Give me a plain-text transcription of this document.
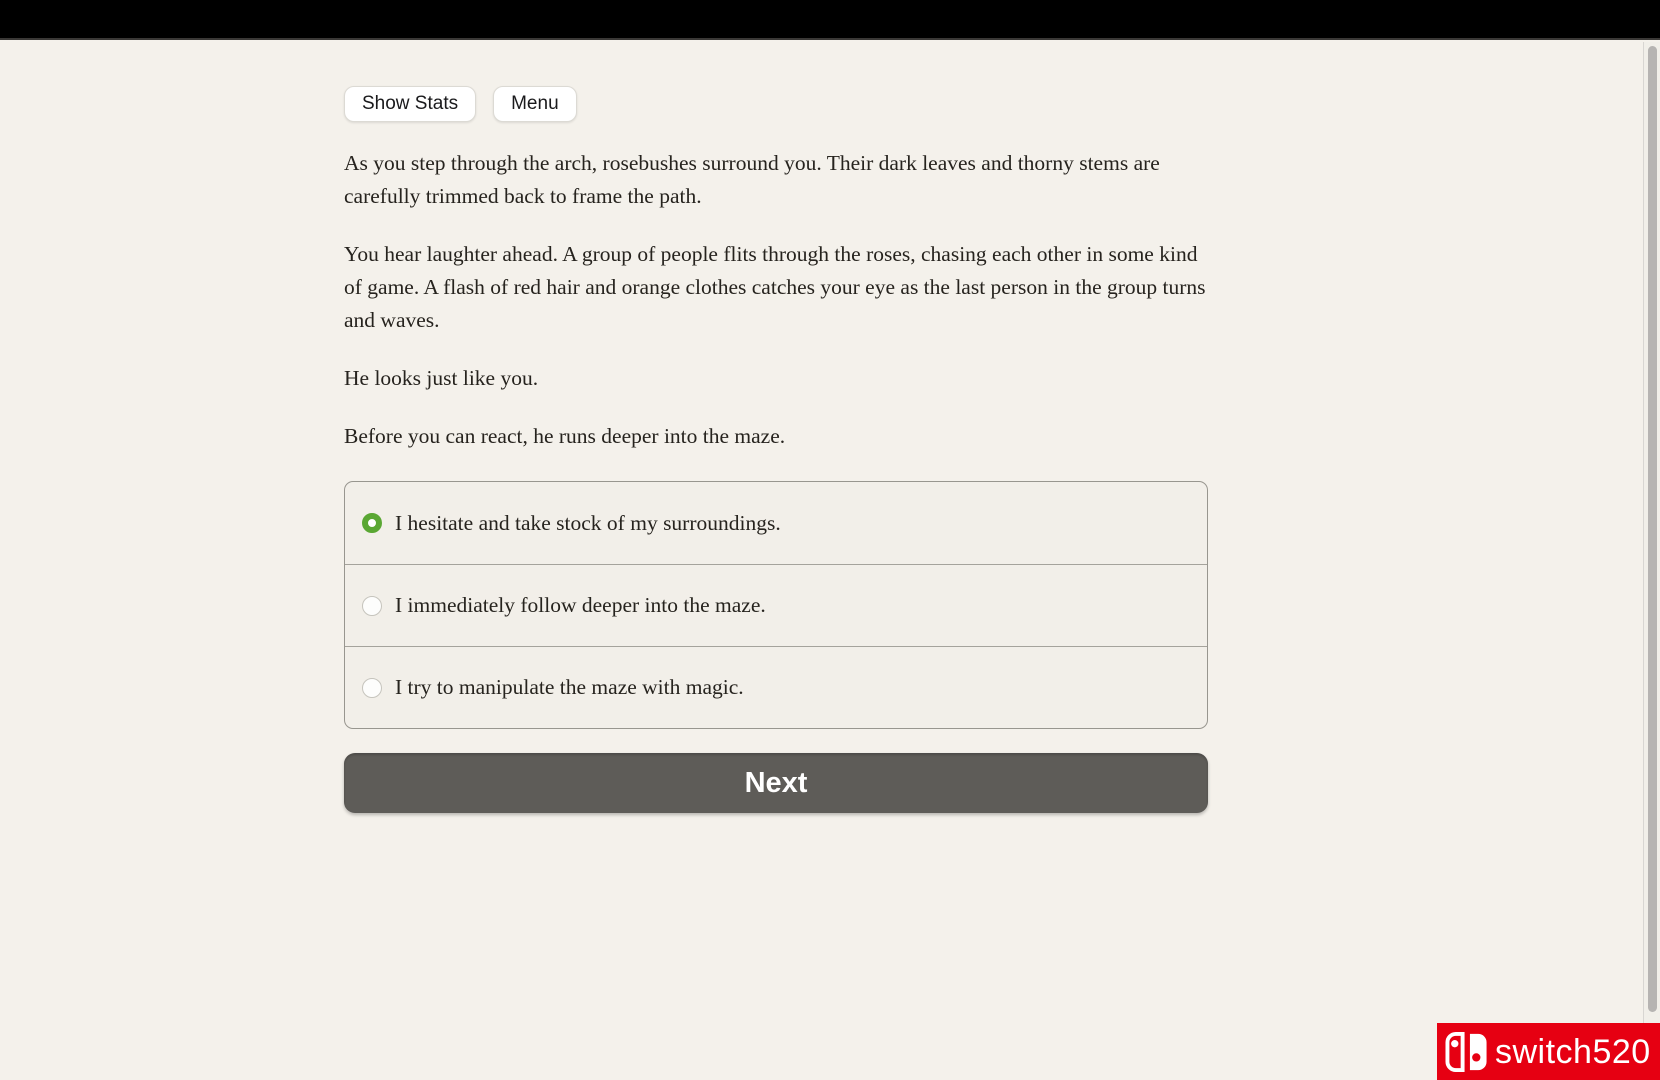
Show Stats	Menu

As you step through the arch, rosebushes surround you. Their dark leaves and thorny stems are carefully trimmed back to frame the path.

You hear laughter ahead. A group of people flits through the roses, chasing each other in some kind of game. A flash of red hair and orange clothes catches your eye as the last person in the group turns and waves.

He looks just like you.

Before you can react, he runs deeper into the maze.

I hesitate and take stock of my surroundings.
I immediately follow deeper into the maze.
I try to manipulate the maze with magic.
Next
switch520
